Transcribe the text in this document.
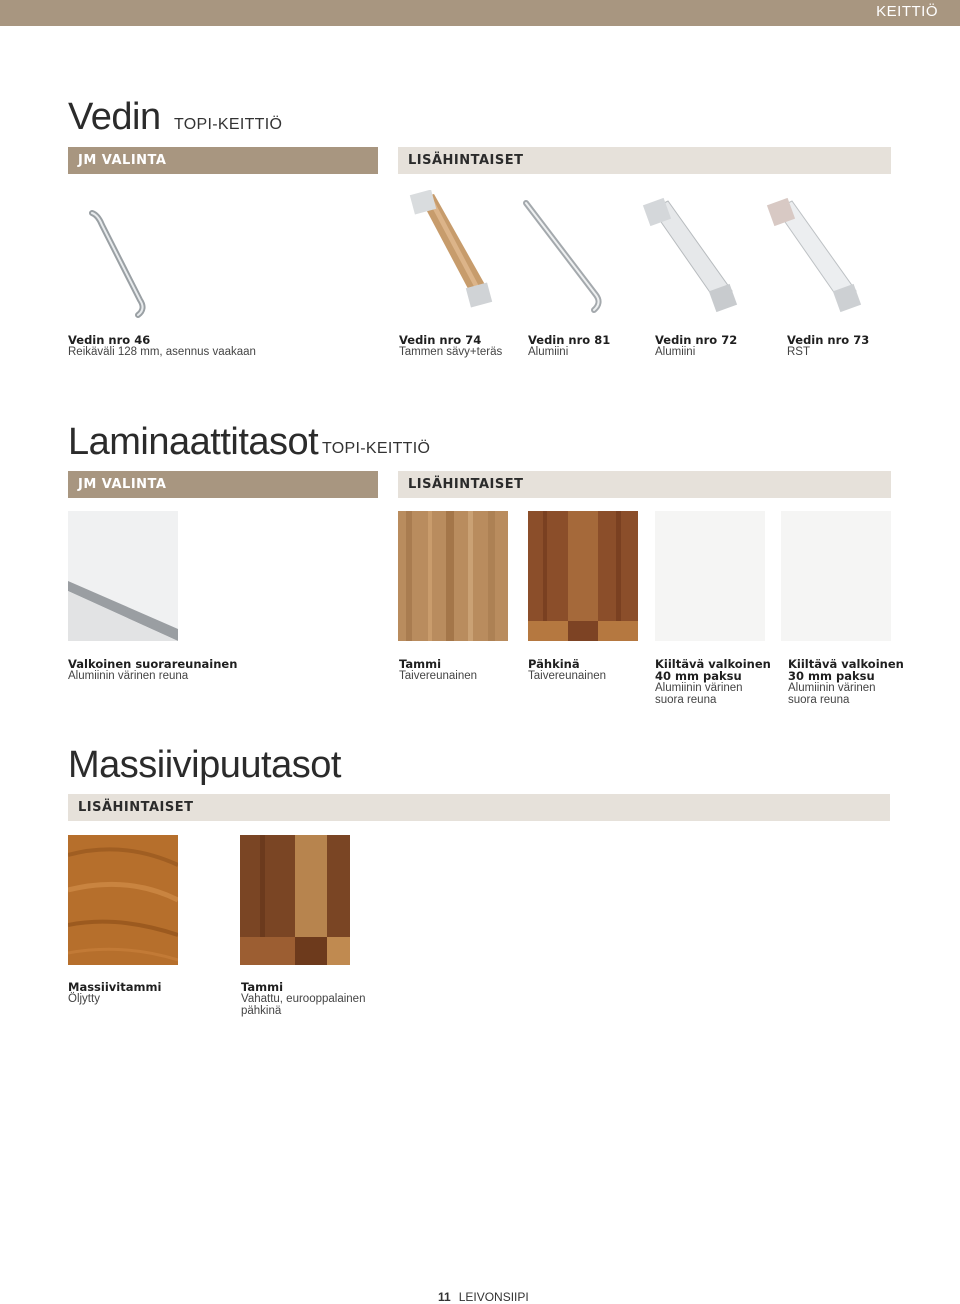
KEITTIÖ
Vedin TOPI-KEITTIÖ
JM VALINTA	LISÄHINTAISET
Vedin nro 46
Reikäväli 128 mm, asennus vaakaan
Vedin nro 74
Tammen sävy+teräs
Vedin nro 81
Alumiini
Vedin nro 72
Alumiini
Vedin nro 73
RST
Laminaattitasot TOPI-KEITTIÖ
JM VALINTA	LISÄHINTAISET
Valkoinen suorareunainen
Alumiinin värinen reuna
Tammi
Taivereunainen
Pähkinä
Taivereunainen
Kiiltävä valkoinen
40 mm paksu
Alumiinin värinen
suora reuna
Kiiltävä valkoinen
30 mm paksu
Alumiinin värinen
suora reuna
Massiivipuutasot
LISÄHINTAISET
Massiivitammi
Öljytty
Tammi
Vahattu, eurooppalainen
pähkinä
11 LEIVONSIIPI
